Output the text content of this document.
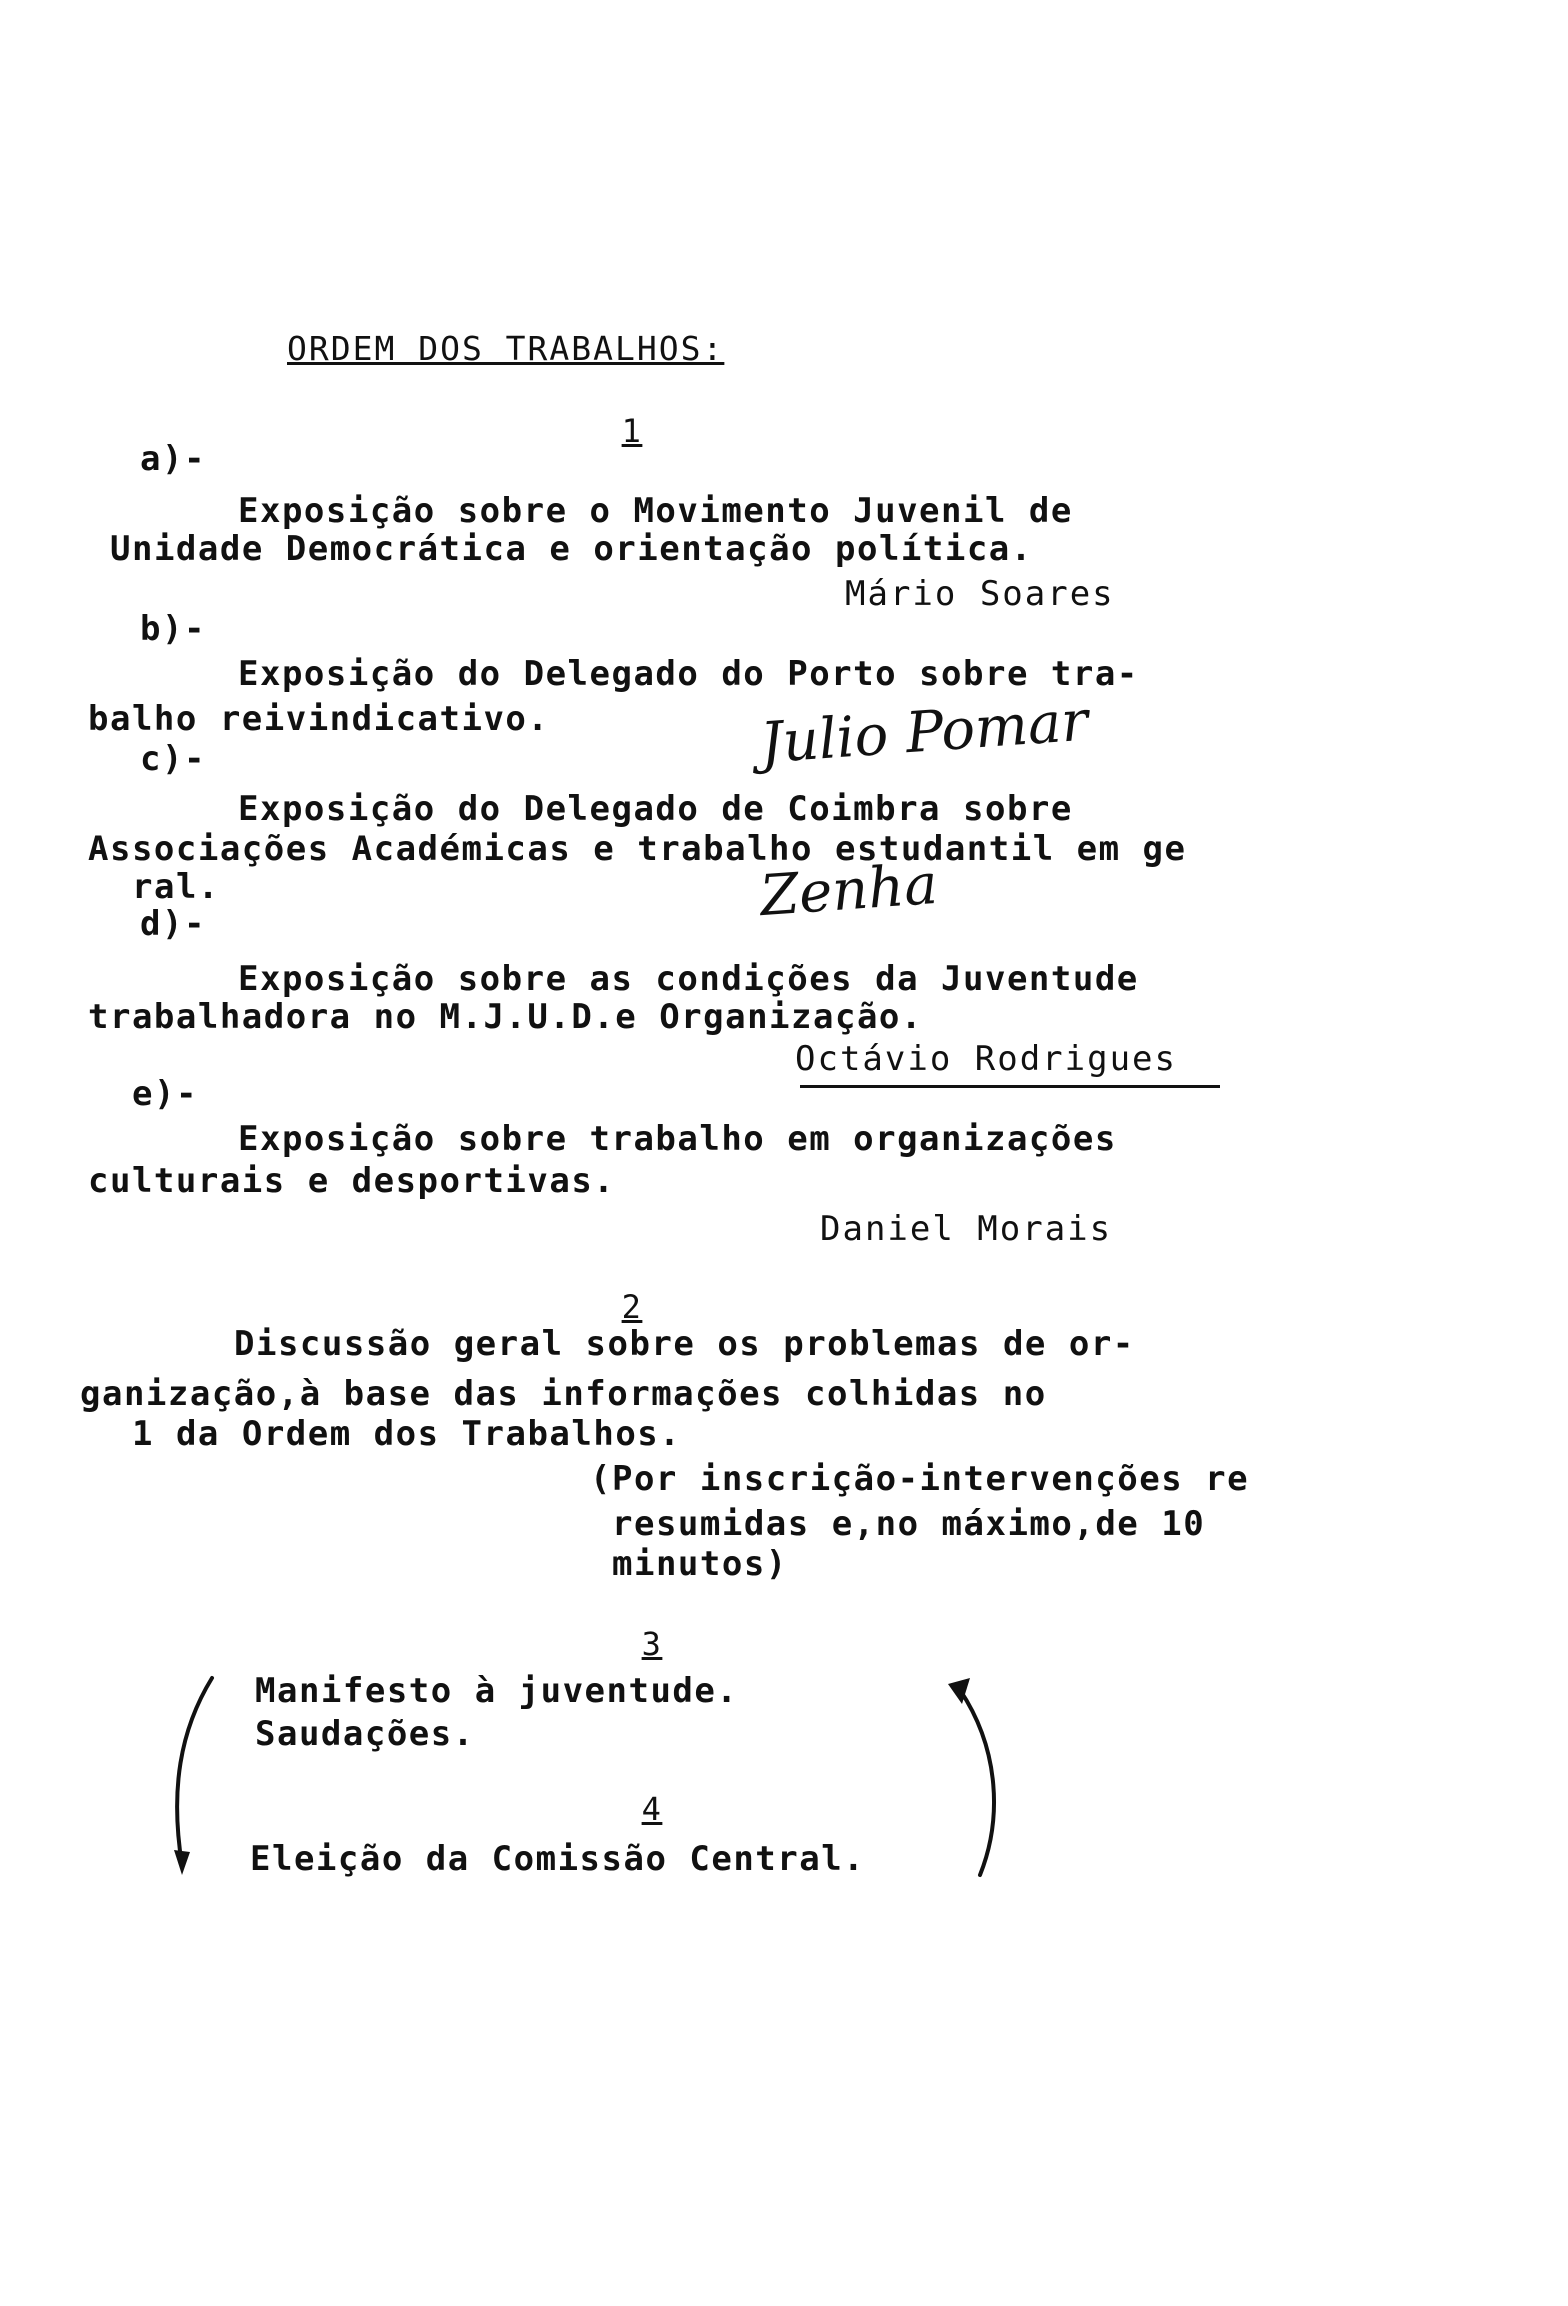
ORDEM DOS TRABALHOS:
1
a)-
Exposição sobre o Movimento Juvenil de
Unidade Democrática e orientação política.
Mário Soares
b)-
Exposição do Delegado do Porto sobre tra-
balho reivindicativo.	Julio Pomar
c)-
Exposição do Delegado de Coimbra sobre
Associações Académicas e trabalho estudantil em ge
ral.	Zenha
d)-
Exposição sobre as condições da Juventude
trabalhadora no M.J.U.D.e Organização.
Octávio Rodrigues
e)-
Exposição sobre trabalho em organizações
culturais e desportivas.
Daniel Morais
2
Discussão geral sobre os problemas de or-
ganização,à base das informações colhidas no
1 da Ordem dos Trabalhos.
(Por inscrição-intervenções re
resumidas e,no máximo,de 10
minutos)
3
Manifesto à juventude.
Saudações.
4
Eleição da Comissão Central.
